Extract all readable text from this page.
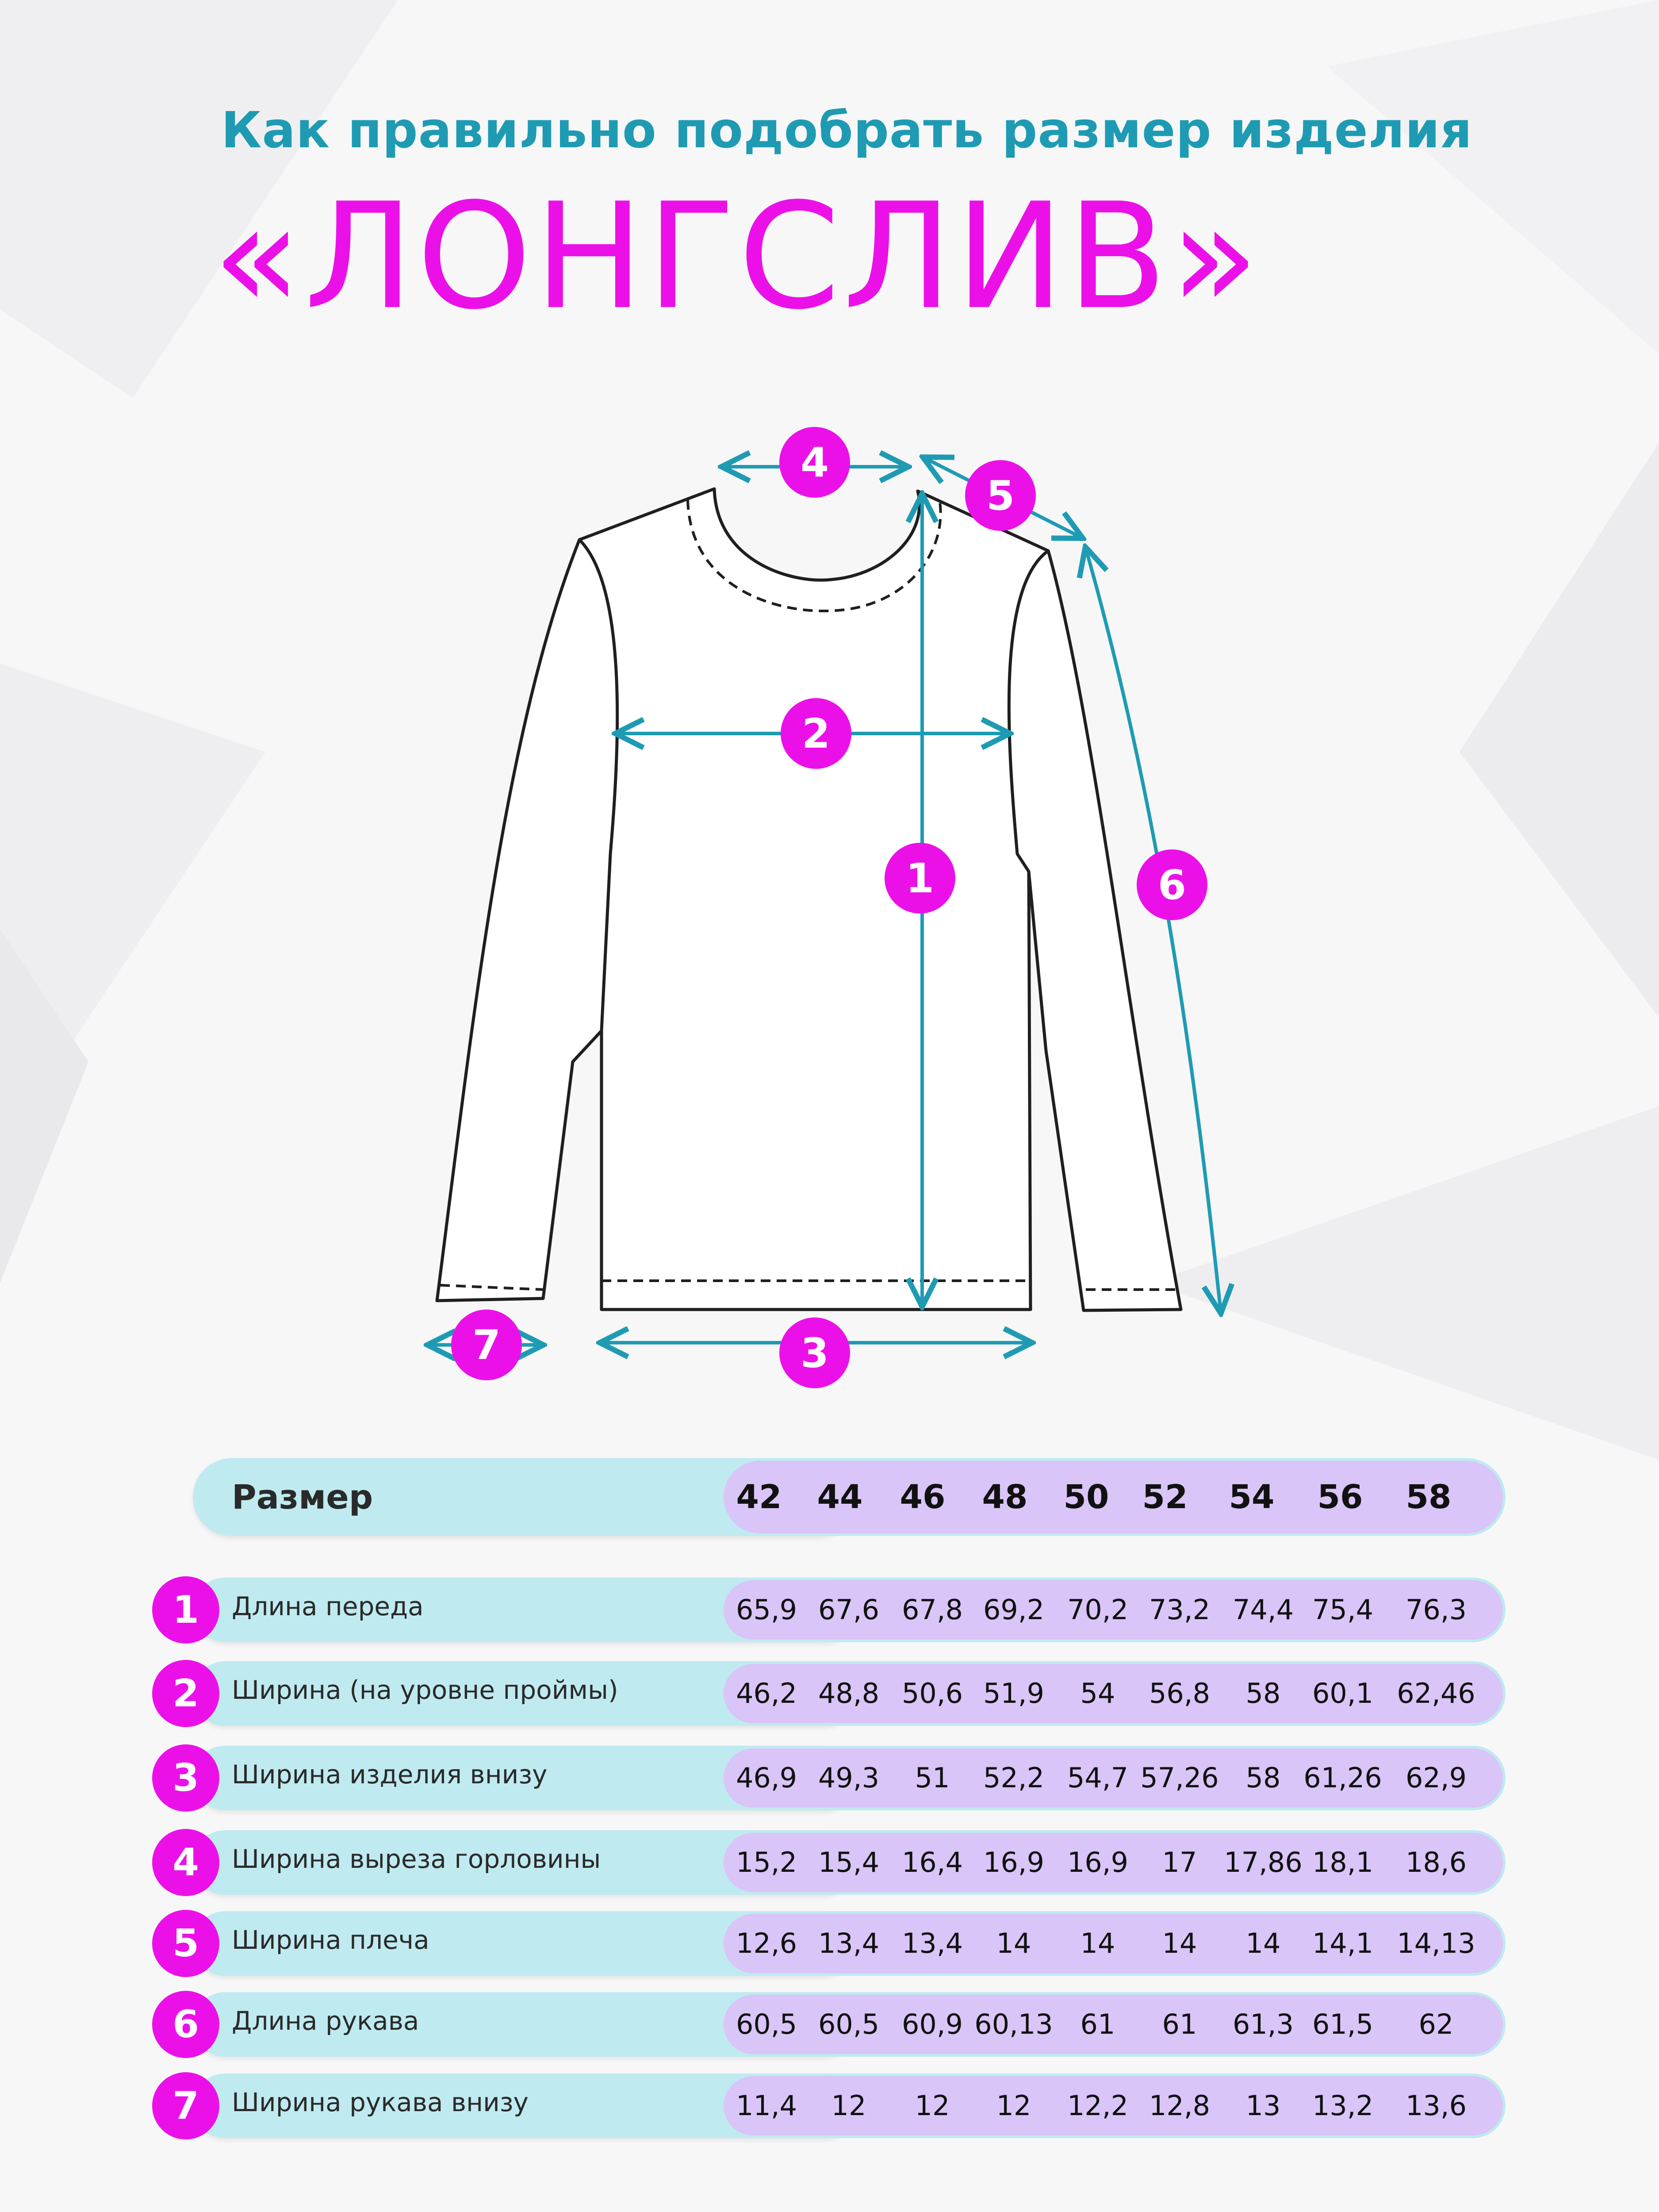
Как правильно подобрать размер изделия
«ЛОНГСЛИВ»
1
2
3
4
5
6
7
Размер	42	44	46	48	50	52	54	56	58
1	Длина переда	65,9 67,6 67,8 69,2 70,2 73,2 74,4 75,4	76,3
2	Ширина (на уровне проймы)	46,2 48,8 50,6 51,9	54	56,8	58	60,1 62,46
3	Ширина изделия внизу	46,9 49,3	51	52,2 54,7 57,26 58 61,26 62,9
4	Ширина выреза горловины	15,2 15,4 16,4 16,9 16,9	17 17,86 18,1	18,6
5	Ширина плеча	12,6 13,4 13,4	14	14	14	14	14,1 14,13
6	Длина рукава	60,5 60,5 60,9 60,13 61	61	61,3 61,5	62
7	Ширина рукава внизу	11,4	12	12	12	12,2 12,8	13	13,2	13,6
